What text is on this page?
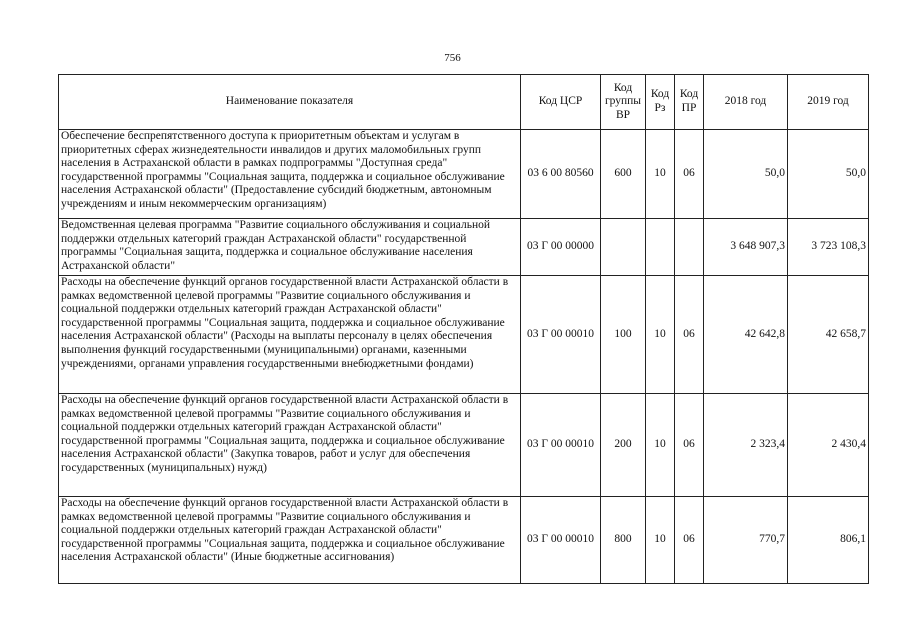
756
Наименование показателя	Код ЦСР	Код группы ВР	Код Рз	Код ПР	2018 год	2019 год
Обеспечение беспрепятственного доступа к приоритетным объектам и услугам в приоритетных сферах жизнедеятельности инвалидов и других маломобильных групп населения в Астраханской области в рамках подпрограммы "Доступная среда" государственной программы "Социальная защита, поддержка и социальное обслуживание населения Астраханской области" (Предоставление субсидий бюджетным, автономным учреждениям и иным некоммерческим организациям)	03 6 00 80560	600	10	06	50,0	50,0
Ведомственная целевая программа "Развитие социального обслуживания и социальной поддержки отдельных категорий граждан Астраханской области" государственной программы "Социальная защита, поддержка и социальное обслуживание населения Астраханской области"	03 Г 00 00000				3 648 907,3	3 723 108,3
Расходы на обеспечение функций органов государственной власти Астраханской области в рамках ведомственной целевой программы "Развитие социального обслуживания и социальной поддержки отдельных категорий граждан Астраханской области" государственной программы "Социальная защита, поддержка и социальное обслуживание населения Астраханской области" (Расходы на выплаты персоналу в целях обеспечения выполнения функций государственными (муниципальными) органами, казенными учреждениями, органами управления государственными внебюджетными фондами)	03 Г 00 00010	100	10	06	42 642,8	42 658,7
Расходы на обеспечение функций органов государственной власти Астраханской области в рамках ведомственной целевой программы "Развитие социального обслуживания и социальной поддержки отдельных категорий граждан Астраханской области" государственной программы "Социальная защита, поддержка и социальное обслуживание населения Астраханской области" (Закупка товаров, работ и услуг для обеспечения государственных (муниципальных) нужд)	03 Г 00 00010	200	10	06	2 323,4	2 430,4
Расходы на обеспечение функций органов государственной власти Астраханской области в рамках ведомственной целевой программы "Развитие социального обслуживания и социальной поддержки отдельных категорий граждан Астраханской области" государственной программы "Социальная защита, поддержка и социальное обслуживание населения Астраханской области" (Иные бюджетные ассигнования)	03 Г 00 00010	800	10	06	770,7	806,1
